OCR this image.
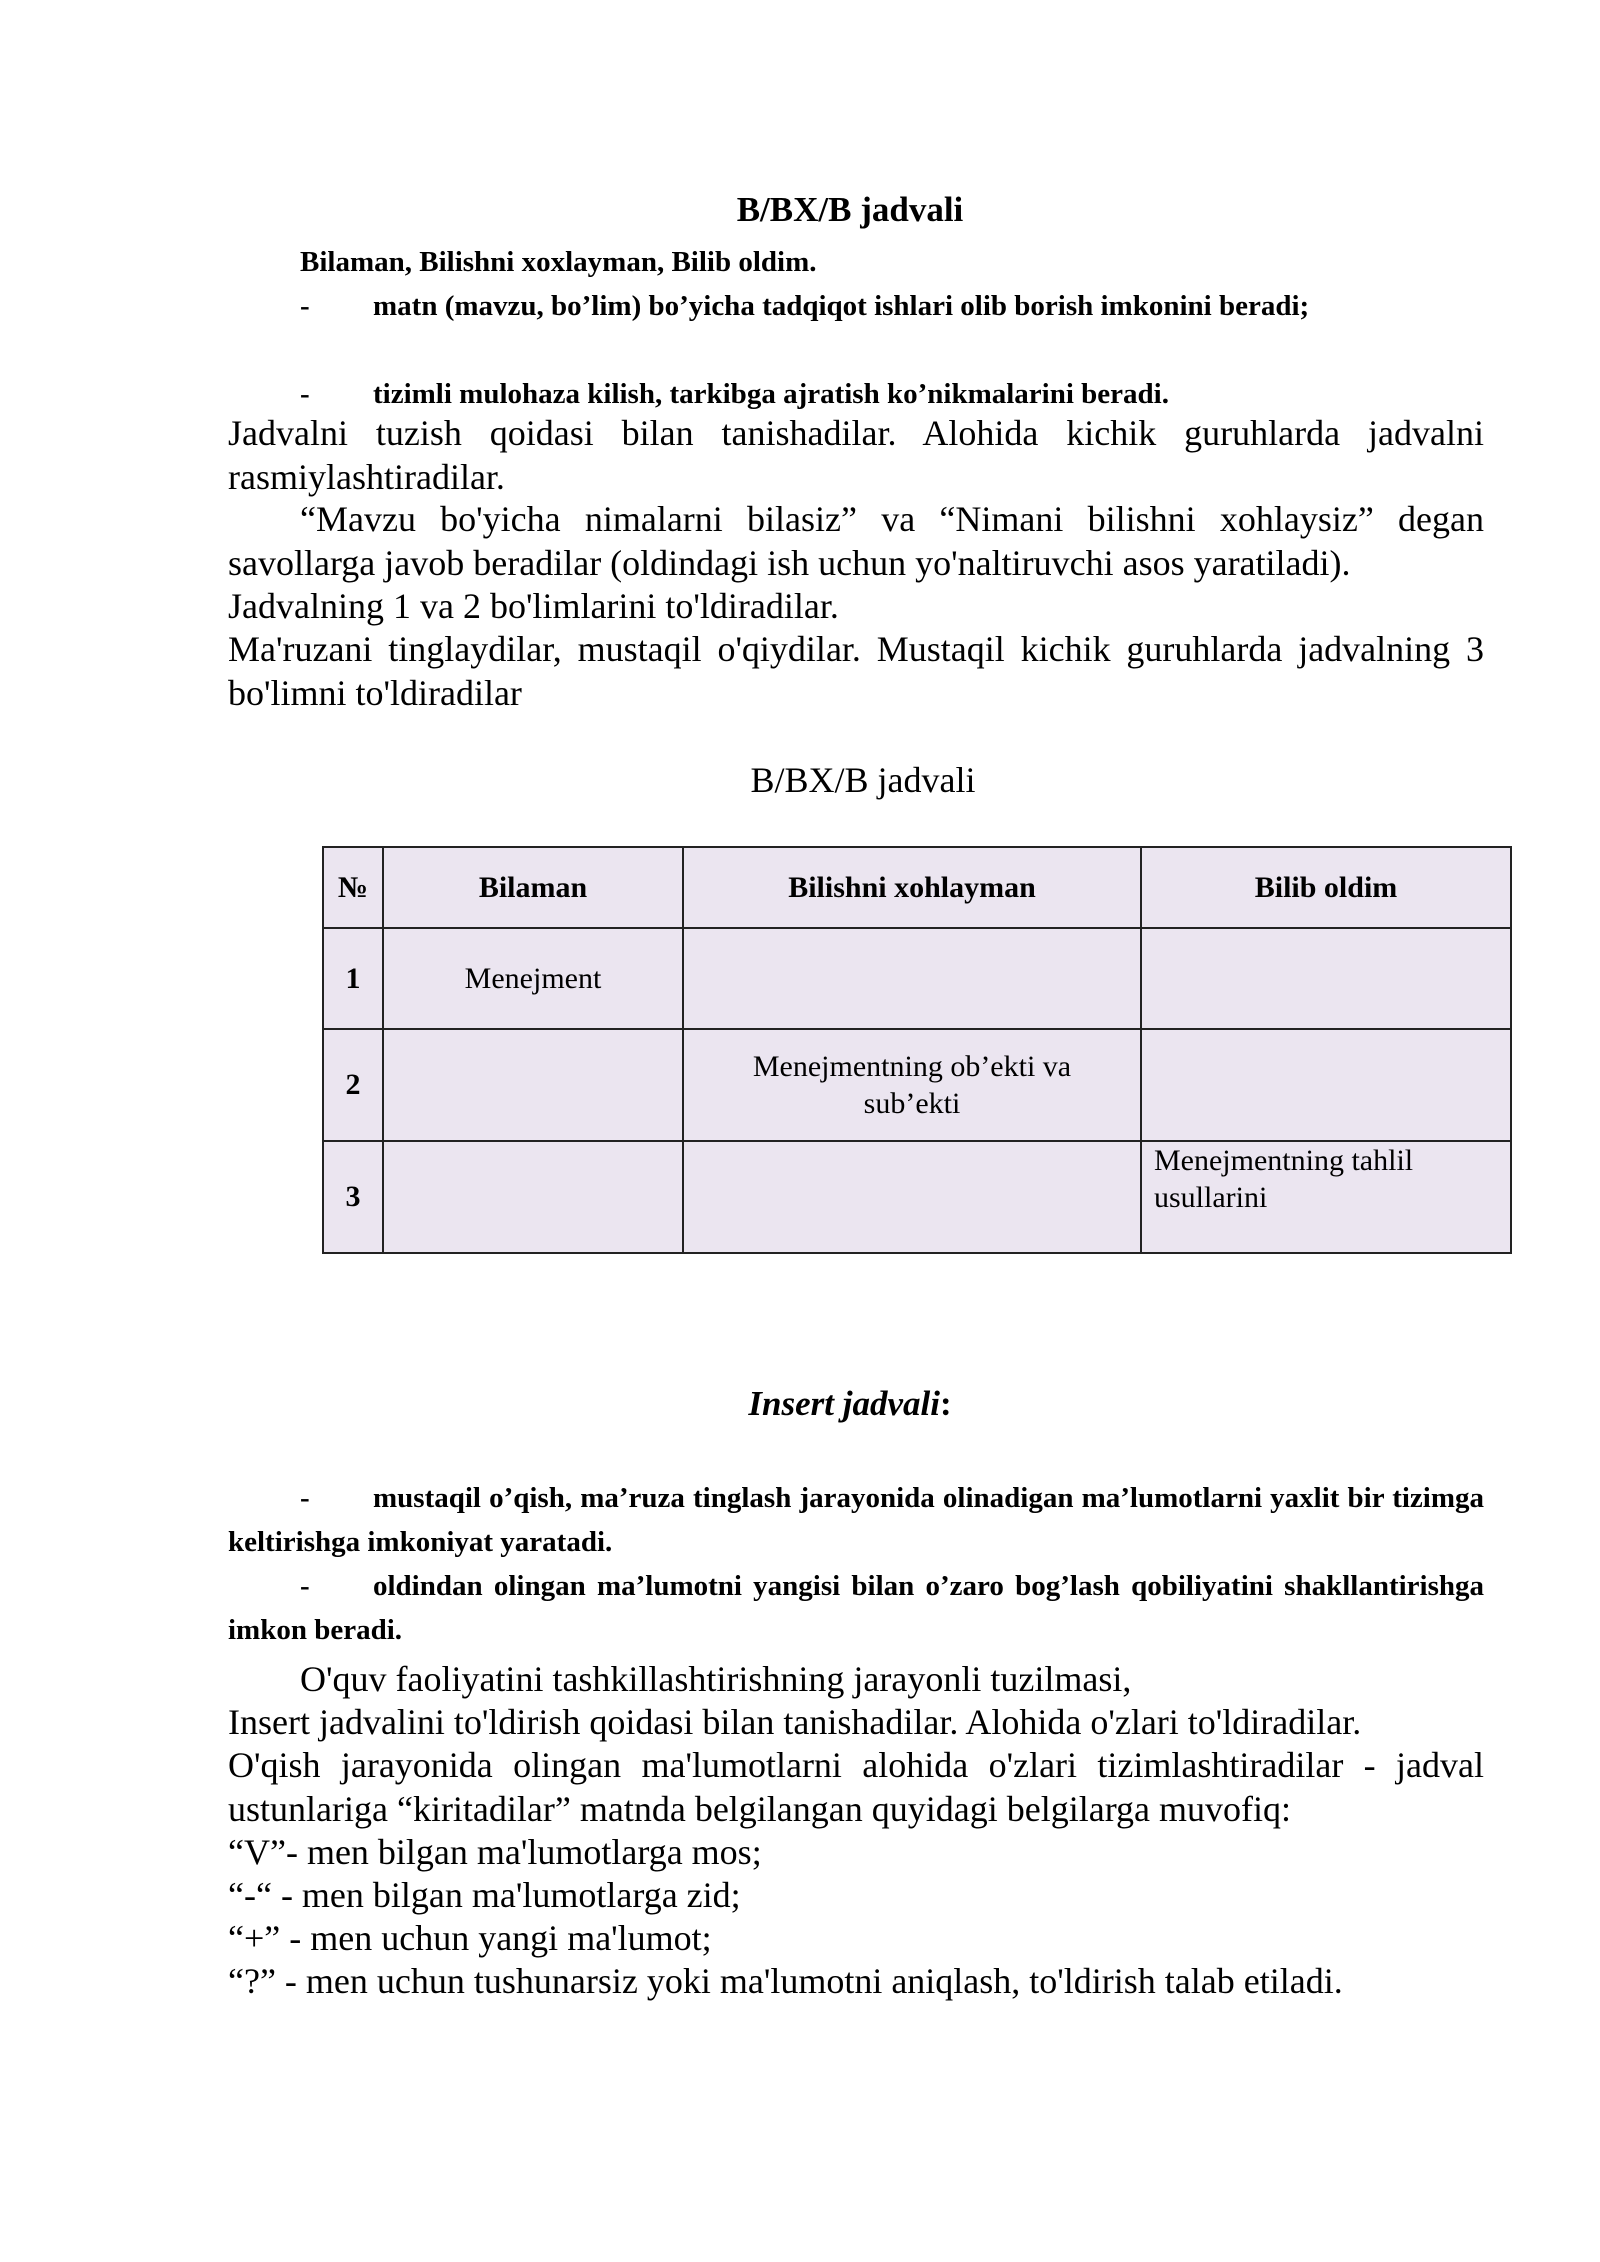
B/BX/B jadvali
Bilaman, Bilishni xoxlayman, Bilib oldim.
-	matn (mavzu, bo’lim) bo’yicha tadqiqot ishlari olib borish imkonini beradi;
-	tizimli mulohaza kilish, tarkibga ajratish ko’nikmalarini beradi.
Jadvalni tuzish qoidasi bilan tanishadilar. Alohida kichik guruhlarda jadvalni rasmiylashtiradilar.
“Mavzu bo'yicha nimalarni bilasiz” va “Nimani bilishni xohlaysiz” degan savollarga javob beradilar (oldindagi ish uchun yo'naltiruvchi asos yaratiladi).
Jadvalning 1 va 2 bo'limlarini to'ldiradilar.
Ma'ruzani tinglaydilar, mustaqil o'qiydilar. Mustaqil kichik guruhlarda jadvalning 3 bo'limni to'ldiradilar
B/BX/B jadvali
№	Bilaman	Bilishni xohlayman	Bilib oldim
1	Menejment		
2		Menejmentning ob’ekti va sub’ekti	
3			Menejmentning tahlil usullarini
Insert jadvali:
- mustaqil o’qish, ma’ruza tinglash jarayonida olinadigan ma’lumotlarni yaxlit bir tizimga keltirishga imkoniyat yaratadi.
- oldindan olingan ma’lumotni yangisi bilan o’zaro bog’lash qobiliyatini shakllantirishga imkon beradi.
O'quv faoliyatini tashkillashtirishning jarayonli tuzilmasi,
Insert jadvalini to'ldirish qoidasi bilan tanishadilar. Alohida o'zlari to'ldiradilar.
O'qish jarayonida olingan ma'lumotlarni alohida o'zlari tizimlashtiradilar - jadval ustunlariga “kiritadilar” matnda belgilangan quyidagi belgilarga muvofiq:
“V”- men bilgan ma'lumotlarga mos;
“-“ - men bilgan ma'lumotlarga zid;
“+” - men uchun yangi ma'lumot;
“?” - men uchun tushunarsiz yoki ma'lumotni aniqlash, to'ldirish talab etiladi.
